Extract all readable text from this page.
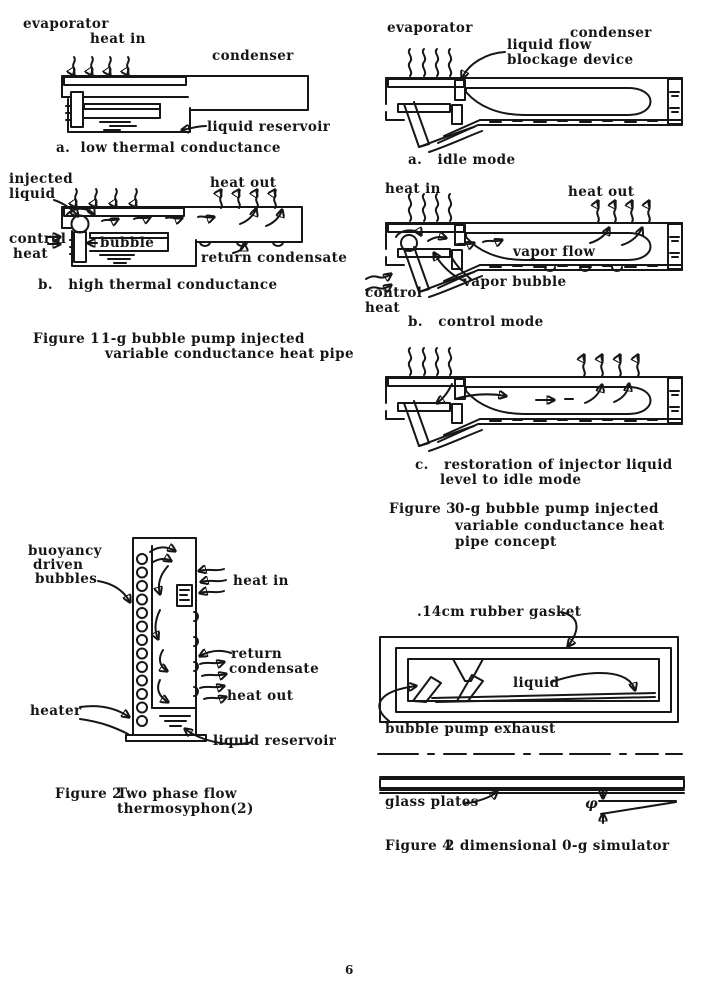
evaporator
heat in
condenser
liquid reservoir
a.  low thermal conductance
injected
liquid
heat out
control
heat
bubble
return condensate
b.   high thermal conductance
Figure 1 1-g bubble pump injected
variable conductance heat pipe
buoyancy
driven
bubbles	heat in
return
condensate
heat out
heater
liquid reservoir
Figure 2
Two phase flow
thermosyphon(2)
evaporator	condenser
liquid flow
blockage device
a.   idle mode
heat in	heat out
vapor flow
vapor bubble
control
heat
b.   control mode
c.   restoration of injector liquid
level to idle mode
Figure 3 0-g bubble pump injected
variable conductance heat
pipe concept
.14cm rubber gasket
liquid
bubble pump exhaust
glass plates	φ
Figure 4
2 dimensional 0-g simulator
6
